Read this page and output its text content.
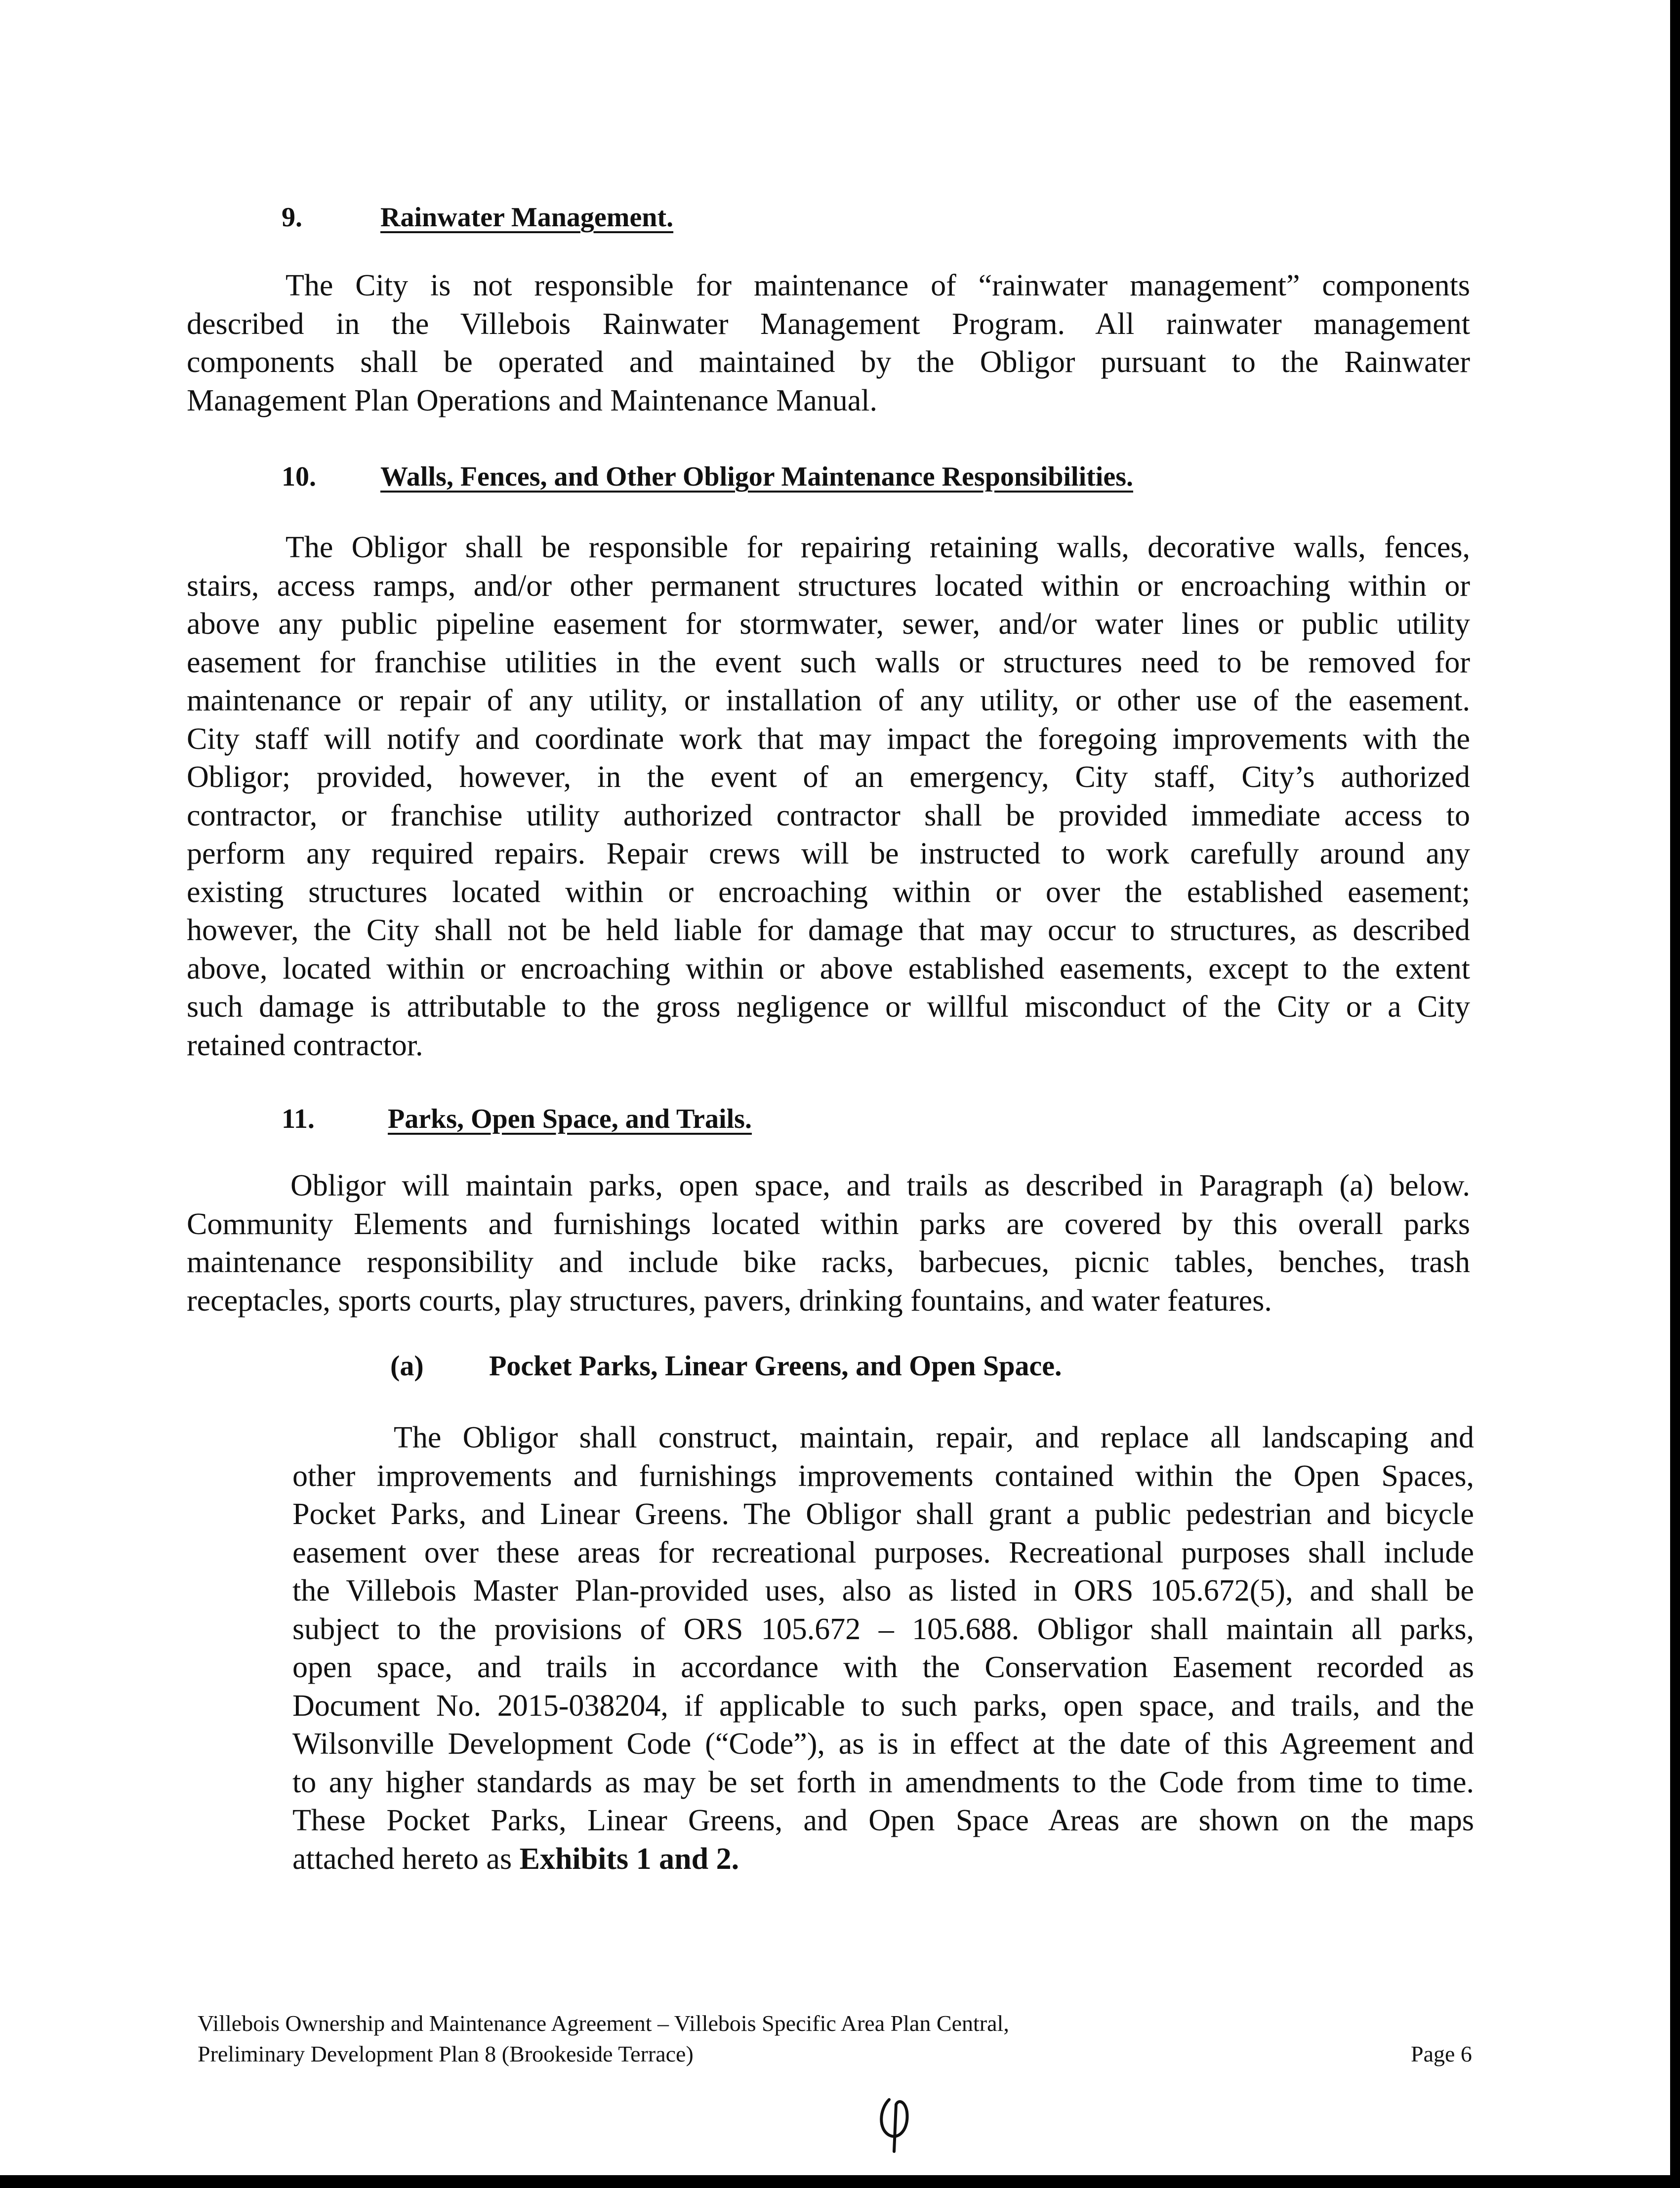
9.	Rainwater Management.
The City is not responsible for maintenance of “rainwater management” components
described in the Villebois Rainwater Management Program. All rainwater management
components shall be operated and maintained by the Obligor pursuant to the Rainwater
Management Plan Operations and Maintenance Manual.
10. Walls, Fences, and Other Obligor Maintenance Responsibilities.
The Obligor shall be responsible for repairing retaining walls, decorative walls, fences,
stairs, access ramps, and/or other permanent structures located within or encroaching within or
above any public pipeline easement for stormwater, sewer, and/or water lines or public utility
easement for franchise utilities in the event such walls or structures need to be removed for
maintenance or repair of any utility, or installation of any utility, or other use of the easement.
City staff will notify and coordinate work that may impact the foregoing improvements with the
Obligor; provided, however, in the event of an emergency, City staff, City’s authorized
contractor, or franchise utility authorized contractor shall be provided immediate access to
perform any required repairs. Repair crews will be instructed to work carefully around any
existing structures located within or encroaching within or over the established easement;
however, the City shall not be held liable for damage that may occur to structures, as described
above, located within or encroaching within or above established easements, except to the extent
such damage is attributable to the gross negligence or willful misconduct of the City or a City
retained contractor.
11.	Parks, Open Space, and Trails.
Obligor will maintain parks, open space, and trails as described in Paragraph (a) below.
Community Elements and furnishings located within parks are covered by this overall parks
maintenance responsibility and include bike racks, barbecues, picnic tables, benches, trash
receptacles, sports courts, play structures, pavers, drinking fountains, and water features.
(a) Pocket Parks, Linear Greens, and Open Space.
The Obligor shall construct, maintain, repair, and replace all landscaping and
other improvements and furnishings improvements contained within the Open Spaces,
Pocket Parks, and Linear Greens. The Obligor shall grant a public pedestrian and bicycle
easement over these areas for recreational purposes. Recreational purposes shall include
the Villebois Master Plan-provided uses, also as listed in ORS 105.672(5), and shall be
subject to the provisions of ORS 105.672 – 105.688. Obligor shall maintain all parks,
open space, and trails in accordance with the Conservation Easement recorded as
Document No. 2015-038204, if applicable to such parks, open space, and trails, and the
Wilsonville Development Code (“Code”), as is in effect at the date of this Agreement and
to any higher standards as may be set forth in amendments to the Code from time to time.
These Pocket Parks, Linear Greens, and Open Space Areas are shown on the maps
attached hereto as Exhibits 1 and 2.
Villebois Ownership and Maintenance Agreement – Villebois Specific Area Plan Central,
Preliminary Development Plan 8 (Brookeside Terrace)	Page 6
